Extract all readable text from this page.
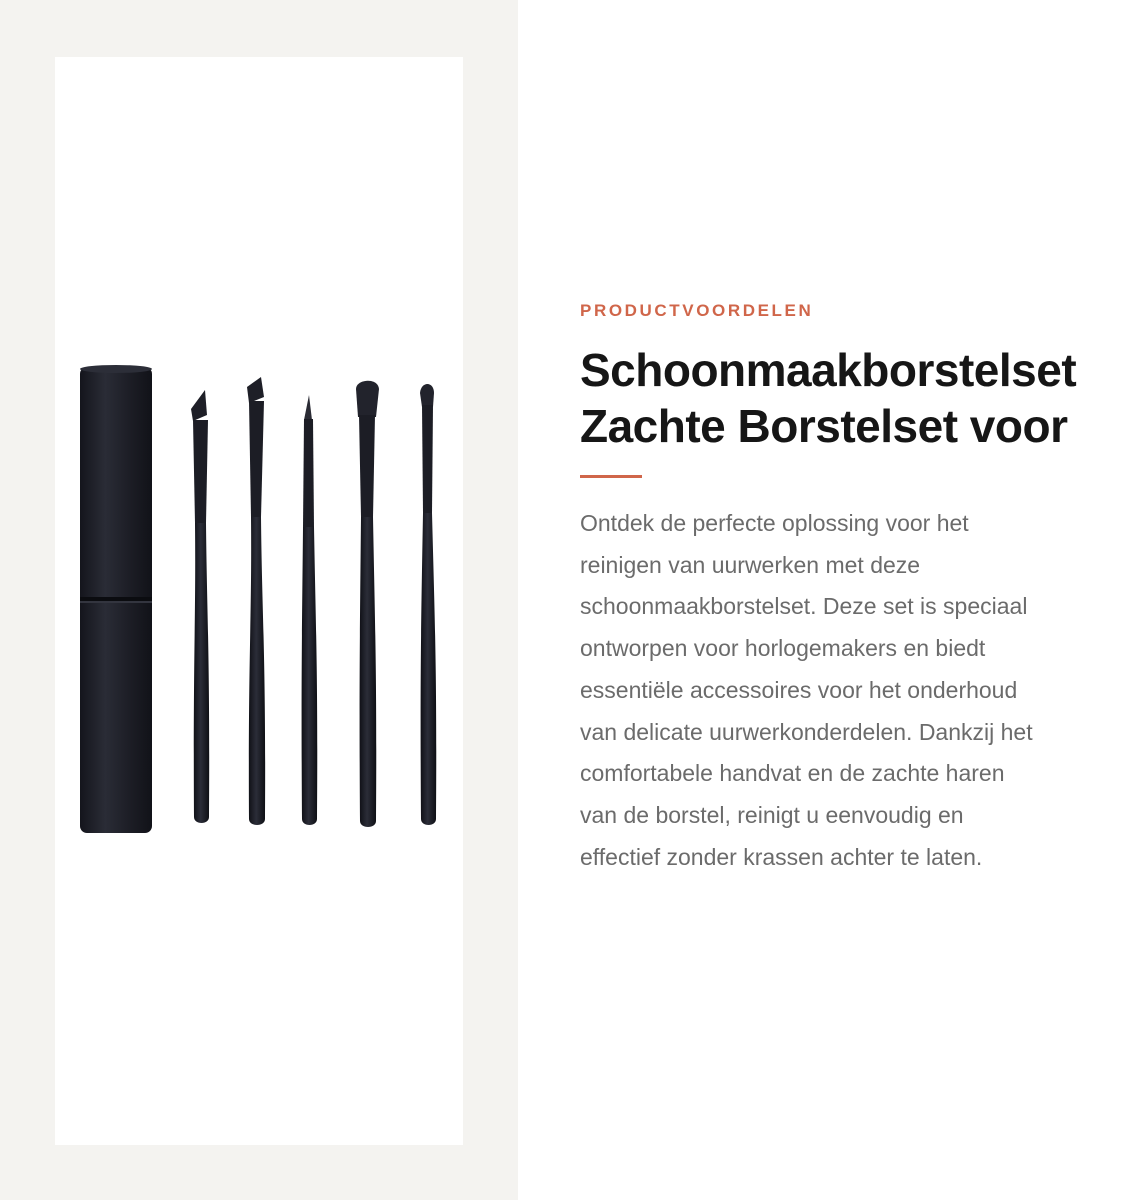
PRODUCTVOORDELEN
Schoonmaakborstelset
Zachte Borstelset voor

Ontdek de perfecte oplossing voor het
reinigen van uurwerken met deze
schoonmaakborstelset. Deze set is speciaal
ontworpen voor horlogemakers en biedt
essentiële accessoires voor het onderhoud
van delicate uurwerkonderdelen. Dankzij het
comfortabele handvat en de zachte haren
van de borstel, reinigt u eenvoudig en
effectief zonder krassen achter te laten.
